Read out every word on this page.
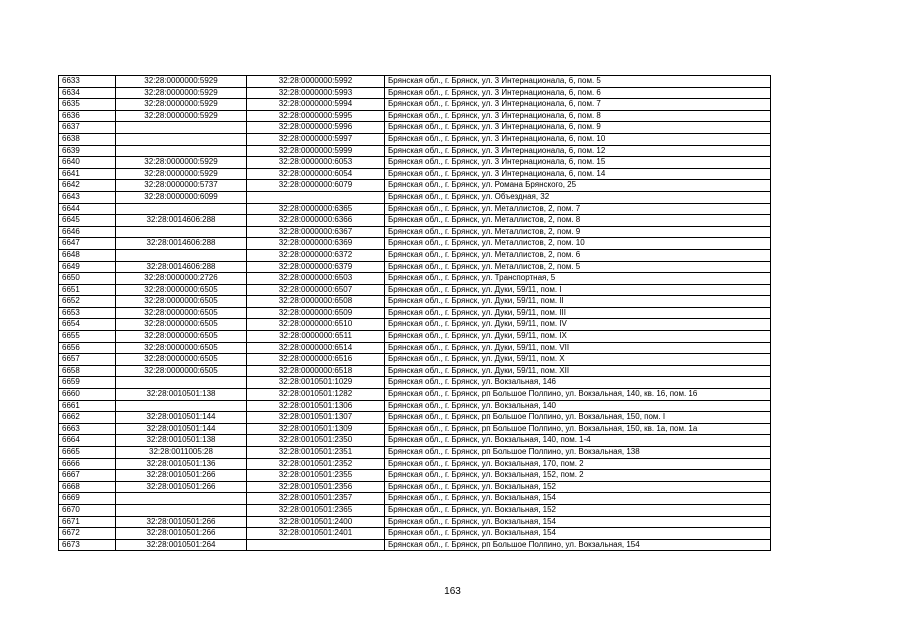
6633	32:28:0000000:5929	32:28:0000000:5992	Брянская обл., г. Брянск, ул. 3 Интернационала, 6, пом. 5
6634	32:28:0000000:5929	32:28:0000000:5993	Брянская обл., г. Брянск, ул. 3 Интернационала, 6, пом. 6
6635	32:28:0000000:5929	32:28:0000000:5994	Брянская обл., г. Брянск, ул. 3 Интернационала, 6, пом. 7
6636	32:28:0000000:5929	32:28:0000000:5995	Брянская обл., г. Брянск, ул. 3 Интернационала, 6, пом. 8
6637		32:28:0000000:5996	Брянская обл., г. Брянск, ул. 3 Интернационала, 6, пом. 9
6638		32:28:0000000:5997	Брянская обл., г. Брянск, ул. 3 Интернационала, 6, пом. 10
6639		32:28:0000000:5999	Брянская обл., г. Брянск, ул. 3 Интернационала, 6, пом. 12
6640	32:28:0000000:5929	32:28:0000000:6053	Брянская обл., г. Брянск, ул. 3 Интернационала, 6, пом. 15
6641	32:28:0000000:5929	32:28:0000000:6054	Брянская обл., г. Брянск, ул. 3 Интернационала, 6, пом. 14
6642	32:28:0000000:5737	32:28:0000000:6079	Брянская обл., г. Брянск, ул. Романа Брянского, 25
6643	32:28:0000000:6099		Брянская обл., г. Брянск, ул. Объездная, 32
6644		32:28:0000000:6365	Брянская обл., г. Брянск, ул. Металлистов, 2, пом. 7
6645	32:28:0014606:288	32:28:0000000:6366	Брянская обл., г. Брянск, ул. Металлистов, 2, пом. 8
6646		32:28:0000000:6367	Брянская обл., г. Брянск, ул. Металлистов, 2, пом. 9
6647	32:28:0014606:288	32:28:0000000:6369	Брянская обл., г. Брянск, ул. Металлистов, 2, пом. 10
6648		32:28:0000000:6372	Брянская обл., г. Брянск, ул. Металлистов, 2, пом. 6
6649	32:28:0014606:288	32:28:0000000:6379	Брянская обл., г. Брянск, ул. Металлистов, 2, пом. 5
6650	32:28:0000000:2726	32:28:0000000:6503	Брянская обл., г. Брянск, ул. Транспортная, 5
6651	32:28:0000000:6505	32:28:0000000:6507	Брянская обл., г. Брянск, ул. Дуки, 59/11, пом. I
6652	32:28:0000000:6505	32:28:0000000:6508	Брянская обл., г. Брянск, ул. Дуки, 59/11, пом. II
6653	32:28:0000000:6505	32:28:0000000:6509	Брянская обл., г. Брянск, ул. Дуки, 59/11, пом. III
6654	32:28:0000000:6505	32:28:0000000:6510	Брянская обл., г. Брянск, ул. Дуки, 59/11, пом. IV
6655	32:28:0000000:6505	32:28:0000000:6511	Брянская обл., г. Брянск, ул. Дуки, 59/11, пом. IX
6656	32:28:0000000:6505	32:28:0000000:6514	Брянская обл., г. Брянск, ул. Дуки, 59/11, пом. VII
6657	32:28:0000000:6505	32:28:0000000:6516	Брянская обл., г. Брянск, ул. Дуки, 59/11, пом. X
6658	32:28:0000000:6505	32:28:0000000:6518	Брянская обл., г. Брянск, ул. Дуки, 59/11, пом. XII
6659		32:28:0010501:1029	Брянская обл., г. Брянск, ул. Вокзальная, 146
6660	32:28:0010501:138	32:28:0010501:1282	Брянская обл., г. Брянск, рп Большое Полпино, ул. Вокзальная, 140, кв. 16, пом. 16
6661		32:28:0010501:1306	Брянская обл., г. Брянск, ул. Вокзальная, 140
6662	32:28:0010501:144	32:28:0010501:1307	Брянская обл., г. Брянск, рп Большое Полпино, ул. Вокзальная, 150, пом. I
6663	32:28:0010501:144	32:28:0010501:1309	Брянская обл., г. Брянск, рп Большое Полпино, ул. Вокзальная, 150, кв. 1а, пом. 1а
6664	32:28:0010501:138	32:28:0010501:2350	Брянская обл., г. Брянск, ул. Вокзальная, 140, пом. 1-4
6665	32:28:0011005:28	32:28:0010501:2351	Брянская обл., г. Брянск, рп Большое Полпино, ул. Вокзальная, 138
6666	32:28:0010501:136	32:28:0010501:2352	Брянская обл., г. Брянск, ул. Вокзальная, 170, пом. 2
6667	32:28:0010501:266	32:28:0010501:2355	Брянская обл., г. Брянск, ул. Вокзальная, 152, пом. 2
6668	32:28:0010501:266	32:28:0010501:2356	Брянская обл., г. Брянск, ул. Вокзальная, 152
6669		32:28:0010501:2357	Брянская обл., г. Брянск, ул. Вокзальная, 154
6670		32:28:0010501:2365	Брянская обл., г. Брянск, ул. Вокзальная, 152
6671	32:28:0010501:266	32:28:0010501:2400	Брянская обл., г. Брянск, ул. Вокзальная, 154
6672	32:28:0010501:266	32:28:0010501:2401	Брянская обл., г. Брянск, ул. Вокзальная, 154
6673	32:28:0010501:264		Брянская обл., г. Брянск, рп Большое Полпино, ул. Вокзальная, 154
163
